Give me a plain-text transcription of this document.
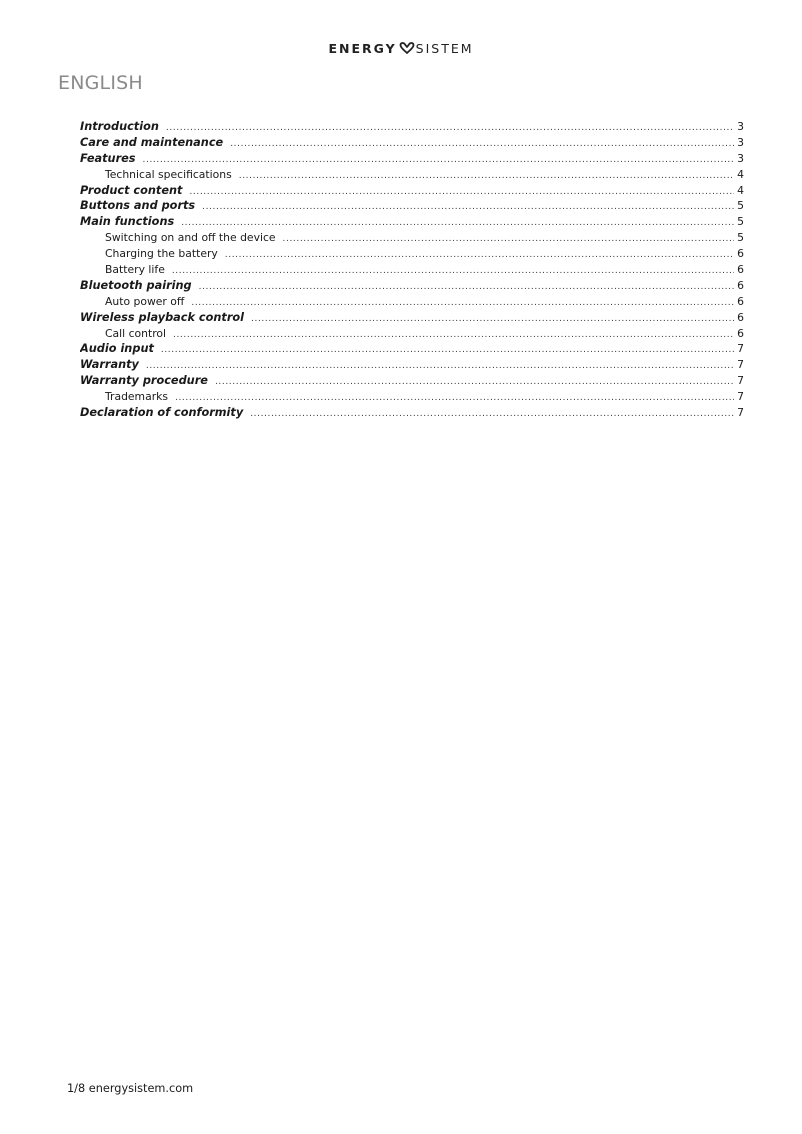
ENERGY SISTEM
ENGLISH
Introduction .....	3
Care and maintenance .....	3
Features .....	3
Technical specifications .....	4
Product content .....	4
Buttons and ports .....	5
Main functions .....	5
Switching on and off the device .....	5
Charging the battery .....	6
Battery life .....	6
Bluetooth pairing .....	6
Auto power off .....	6
Wireless playback control .....	6
Call control .....	6
Audio input .....	7
Warranty .....	7
Warranty procedure .....	7
Trademarks .....	7
Declaration of conformity .....	7
1/8 energysistem.com
